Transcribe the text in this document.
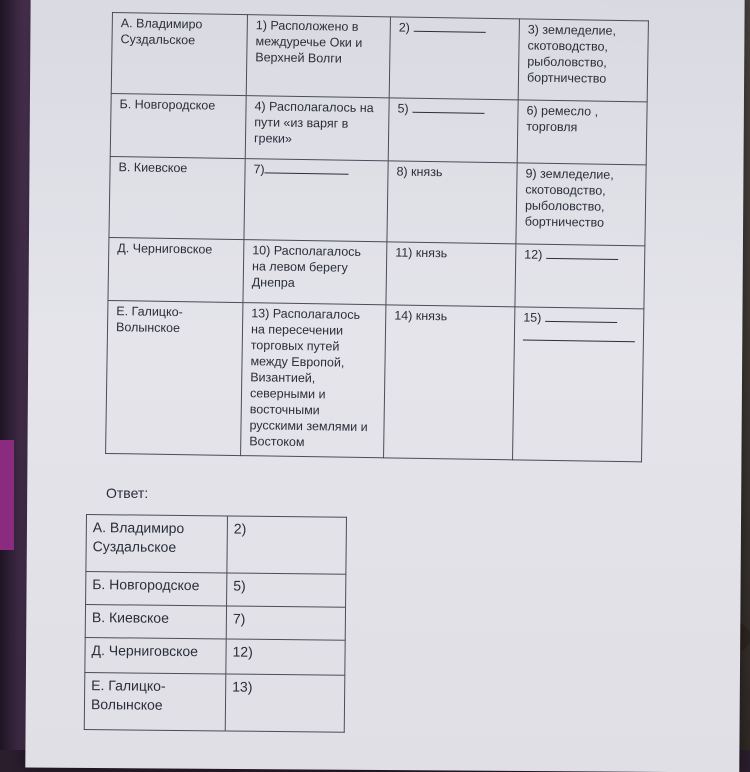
А. Владимиро Суздальское	1) Расположено в междуречье Оки и Верхней Волги	2)	3) земледелие, скотоводство, рыболовство, бортничество
Б. Новгородское	4) Располагалось на пути «из варяг в греки»	5)	6) ремесло , торговля
В. Киевское	7)	8) князь	9) земледелие, скотоводство, рыболовство, бортничество
Д. Черниговское	10) Располагалось на левом берегу Днепра	11) князь	12)
Е. Галицко-Волынское	13) Располагалось на пересечении торговых путей между Европой, Византией, северными и восточными русскими землями и Востоком	14) князь	15)
Ответ:
А. Владимиро Суздальское	2)
Б. Новгородское	5)
В. Киевское	7)
Д. Черниговское	12)
Е. Галицко-Волынское	13)
